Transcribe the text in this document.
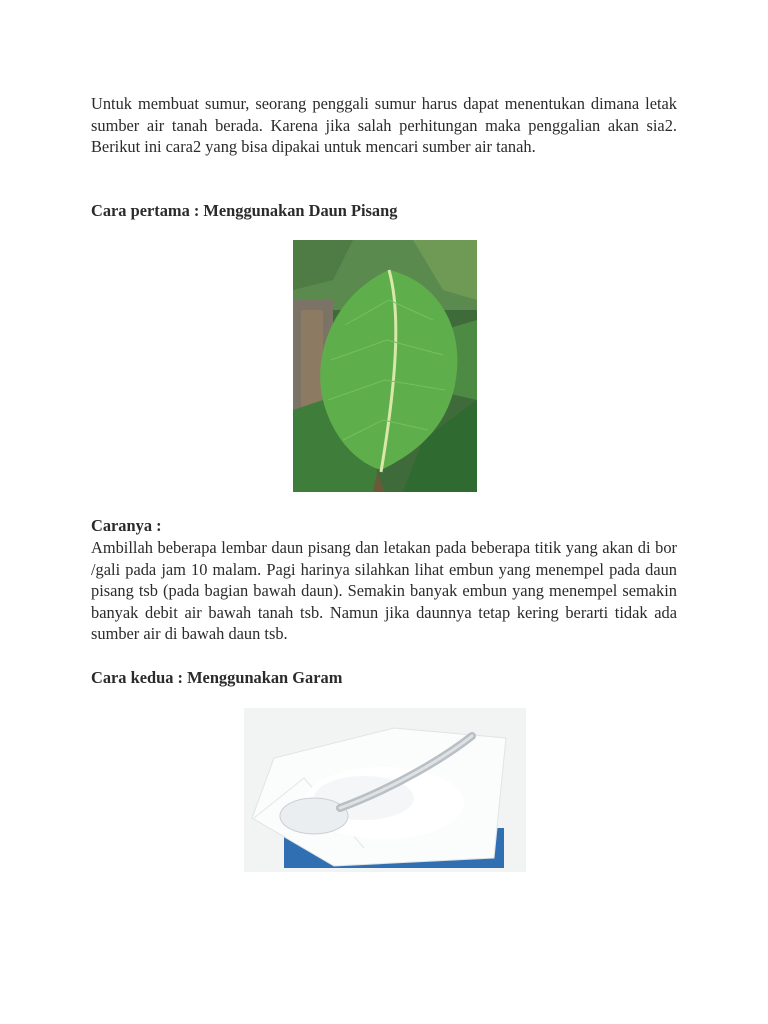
Untuk membuat sumur, seorang penggali sumur harus dapat menentukan dimana letak sumber air tanah berada. Karena jika salah perhitungan maka penggalian akan sia2. Berikut ini cara2 yang bisa dipakai untuk mencari sumber air tanah.

Cara pertama : Menggunakan Daun Pisang

Caranya :

Ambillah beberapa lembar daun pisang dan letakan pada beberapa titik yang akan di bor /gali pada jam 10 malam. Pagi harinya silahkan lihat embun yang menempel pada daun pisang tsb (pada bagian bawah daun). Semakin banyak embun yang menempel semakin banyak debit air bawah tanah tsb. Namun jika daunnya tetap kering berarti tidak ada sumber air di bawah daun tsb.

Cara kedua : Menggunakan Garam
